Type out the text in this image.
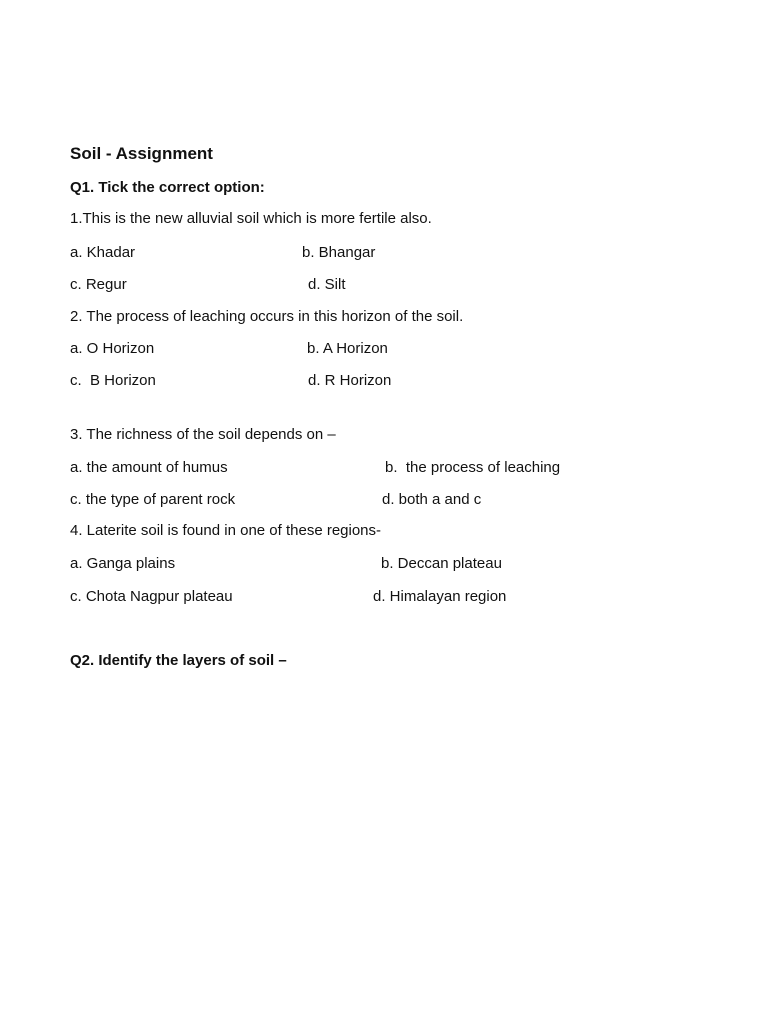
Soil - Assignment
Q1. Tick the correct option:
1.This is the new alluvial soil which is more fertile also.
a. Khadar	b. Bhangar
c. Regur	d. Silt
2. The process of leaching occurs in this horizon of the soil.
a. O Horizon	b. A Horizon
c.  B Horizon	d. R Horizon
3. The richness of the soil depends on –
a. the amount of humus	b.  the process of leaching
c. the type of parent rock	d. both a and c
4. Laterite soil is found in one of these regions-
a. Ganga plains	b. Deccan plateau
c. Chota Nagpur plateau	d. Himalayan region
Q2. Identify the layers of soil –
